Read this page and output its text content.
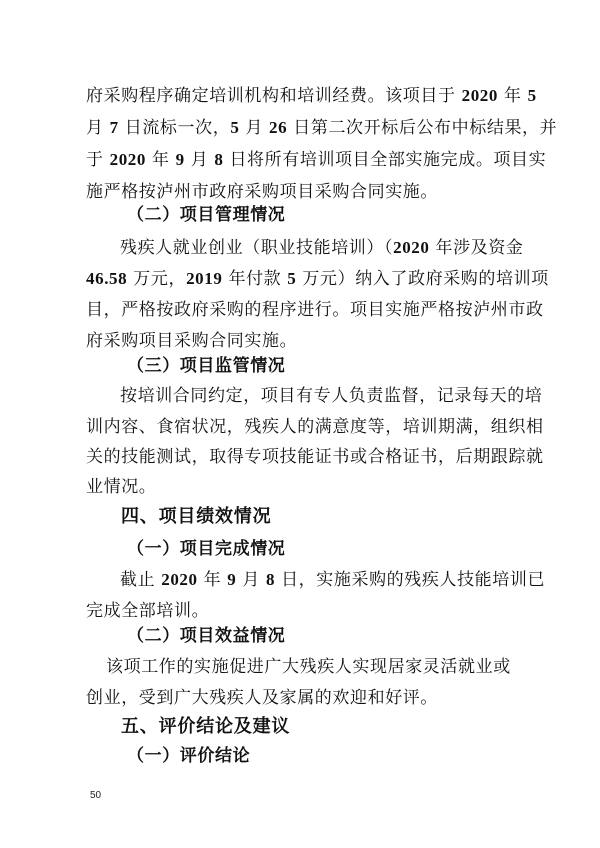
府采购程序确定培训机构和培训经费。该项目于 2020 年 5
月 7 日流标一次，5 月 26 日第二次开标后公布中标结果，并
于 2020 年 9 月 8 日将所有培训项目全部实施完成。项目实
施严格按泸州市政府采购项目采购合同实施。
（二）项目管理情况
残疾人就业创业（职业技能培训）（2020 年涉及资金
46.58 万元，2019 年付款 5 万元）纳入了政府采购的培训项
目，严格按政府采购的程序进行。项目实施严格按泸州市政
府采购项目采购合同实施。
（三）项目监管情况
按培训合同约定，项目有专人负责监督，记录每天的培
训内容、食宿状况，残疾人的满意度等，培训期满，组织相
关的技能测试，取得专项技能证书或合格证书，后期跟踪就
业情况。
四、项目绩效情况
（一）项目完成情况
截止 2020 年 9 月 8 日，实施采购的残疾人技能培训已
完成全部培训。
（二）项目效益情况
该项工作的实施促进广大残疾人实现居家灵活就业或
创业，受到广大残疾人及家属的欢迎和好评。
五、评价结论及建议
（一）评价结论
50
